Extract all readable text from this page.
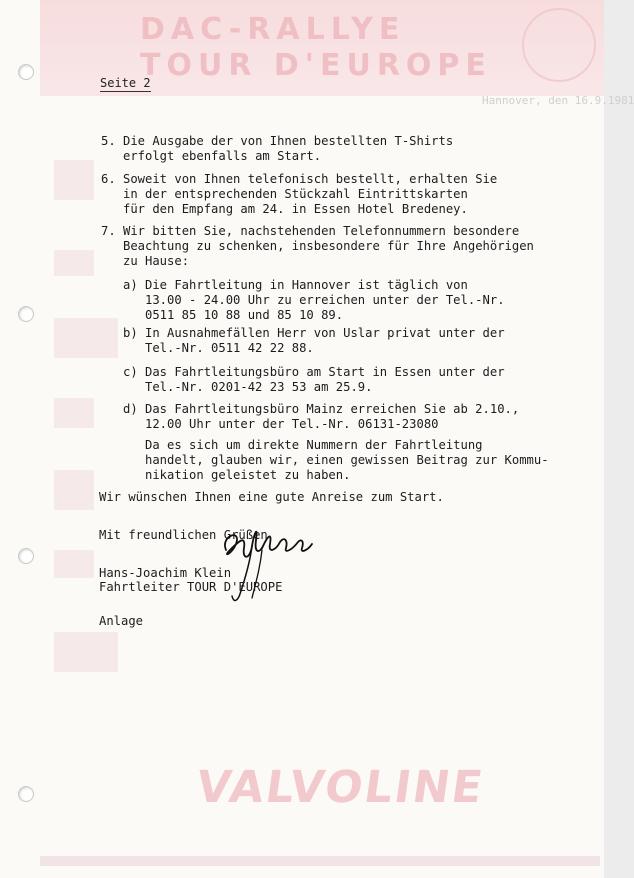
DAC-RALLYE
TOUR D'EUROPE
VALVOLINE
Seite 2
Hannover, den 16.9.1981
5. Die Ausgabe der von Ihnen bestellten T-Shirts
erfolgt ebenfalls am Start.
6. Soweit von Ihnen telefonisch bestellt, erhalten Sie
in der entsprechenden Stückzahl Eintrittskarten
für den Empfang am 24. in Essen Hotel Bredeney.
7. Wir bitten Sie, nachstehenden Telefonnummern besondere
Beachtung zu schenken, insbesondere für Ihre Angehörigen
zu Hause:
a) Die Fahrtleitung in Hannover ist täglich von
13.00 - 24.00 Uhr zu erreichen unter der Tel.-Nr.
0511 85 10 88 und 85 10 89.
b) In Ausnahmefällen Herr von Uslar privat unter der
Tel.-Nr. 0511 42 22 88.
c) Das Fahrtleitungsbüro am Start in Essen unter der
Tel.-Nr. 0201-42 23 53 am 25.9.
d) Das Fahrtleitungsbüro Mainz erreichen Sie ab 2.10.,
12.00 Uhr unter der Tel.-Nr. 06131-23080
Da es sich um direkte Nummern der Fahrtleitung
handelt, glauben wir, einen gewissen Beitrag zur Kommu-
nikation geleistet zu haben.
Wir wünschen Ihnen eine gute Anreise zum Start.
Mit freundlichen Grüßen
Hans-Joachim Klein
Fahrtleiter TOUR D'EUROPE
Anlage
